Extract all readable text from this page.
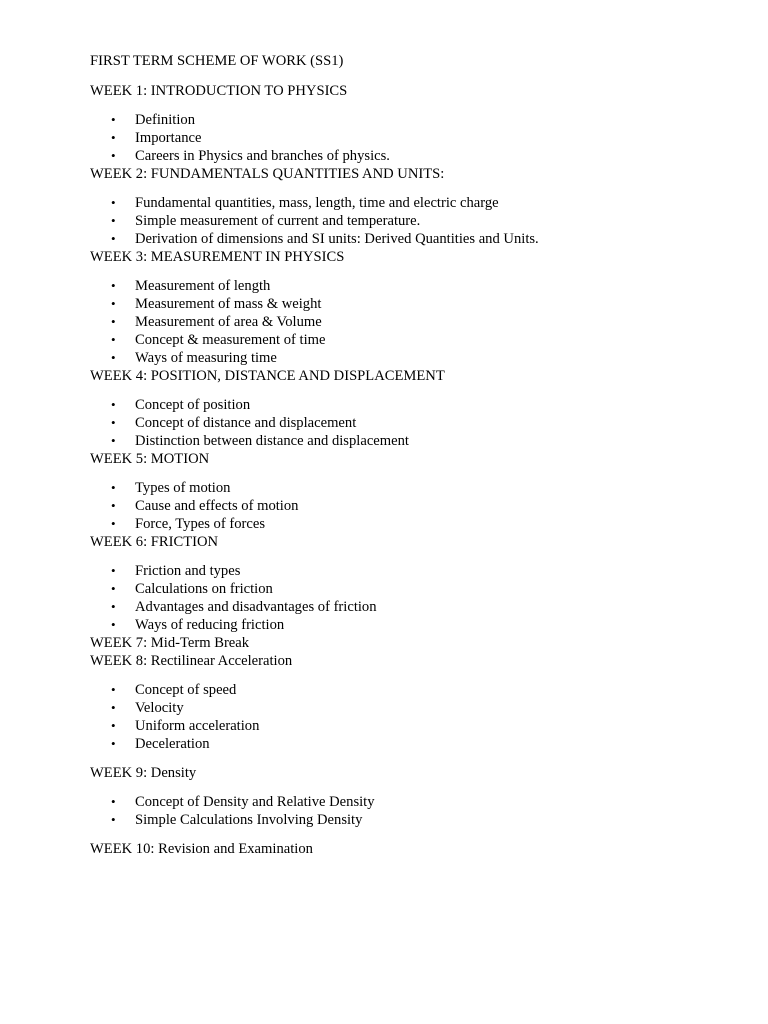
FIRST TERM SCHEME OF WORK (SS1)
WEEK 1: INTRODUCTION TO PHYSICS
• Definition
• Importance
• Careers in Physics and branches of physics.
WEEK 2: FUNDAMENTALS QUANTITIES AND UNITS:
• Fundamental quantities, mass, length, time and electric charge
• Simple measurement of current and temperature.
• Derivation of dimensions and SI units: Derived Quantities and Units.
WEEK 3: MEASUREMENT IN PHYSICS
• Measurement of length
• Measurement of mass & weight
• Measurement of area & Volume
• Concept & measurement of time
• Ways of measuring time
WEEK 4: POSITION, DISTANCE AND DISPLACEMENT
• Concept of position
• Concept of distance and displacement
• Distinction between distance and displacement
WEEK 5: MOTION
• Types of motion
• Cause and effects of motion
• Force, Types of forces
WEEK 6: FRICTION
• Friction and types
• Calculations on friction
• Advantages and disadvantages of friction
• Ways of reducing friction
WEEK 7: Mid-Term Break
WEEK 8: Rectilinear Acceleration
• Concept of speed
• Velocity
• Uniform acceleration
• Deceleration
WEEK 9: Density
• Concept of Density and Relative Density
• Simple Calculations Involving Density
WEEK 10: Revision and Examination
